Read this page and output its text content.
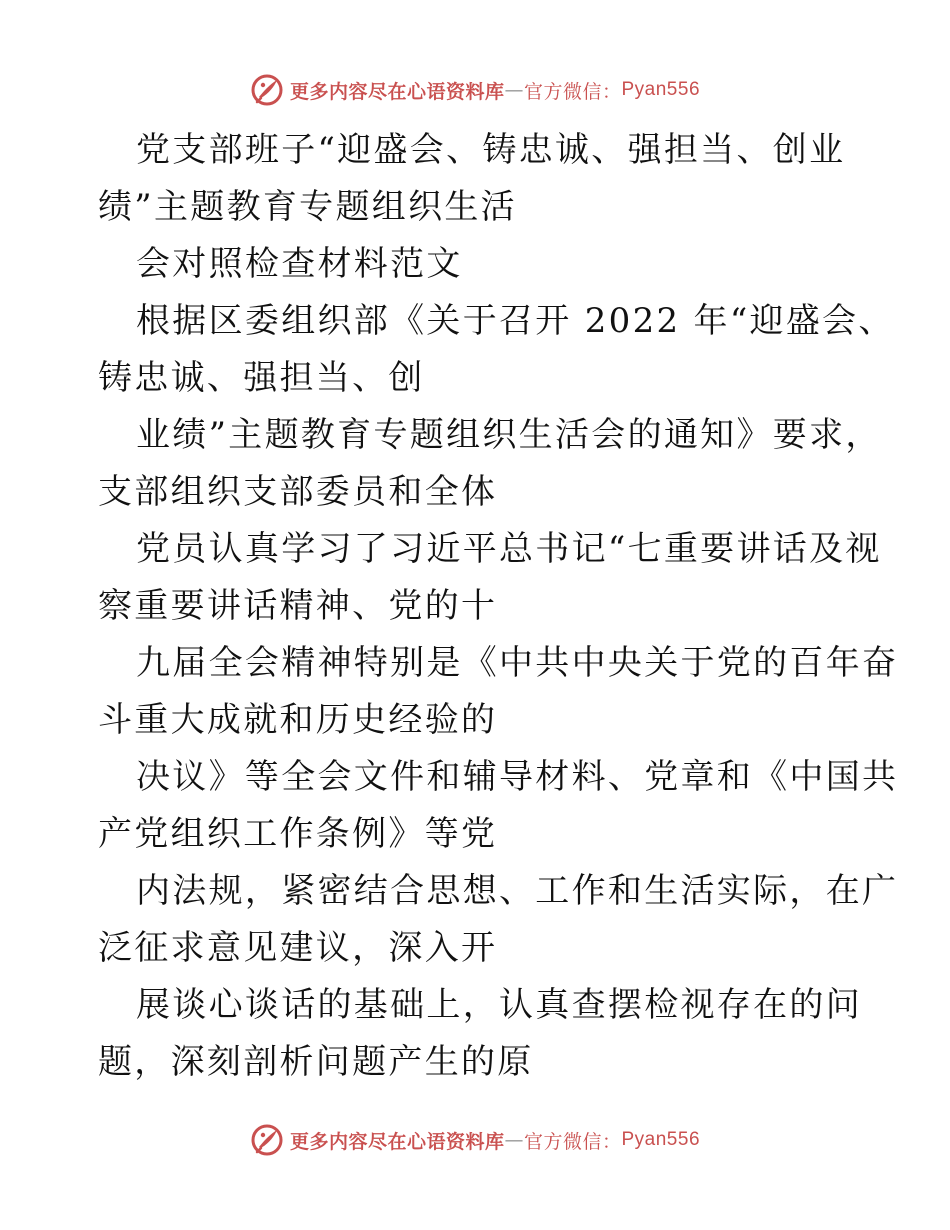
更多内容尽在心语资料库 — 官方微信： Pyan556
党支部班子“迎盛会、铸忠诚、强担当、创业
绩”主题教育专题组织生活
会对照检查材料范文
根据区委组织部《关于召开 2022 年“迎盛会、
铸忠诚、强担当、创
业绩”主题教育专题组织生活会的通知》要求，
支部组织支部委员和全体
党员认真学习了习近平总书记“七重要讲话及视
察重要讲话精神、党的十
九届全会精神特别是《中共中央关于党的百年奋
斗重大成就和历史经验的
决议》等全会文件和辅导材料、党章和《中国共
产党组织工作条例》等党
内法规，紧密结合思想、工作和生活实际，在广
泛征求意见建议，深入开
展谈心谈话的基础上，认真查摆检视存在的问
题，深刻剖析问题产生的原
更多内容尽在心语资料库 — 官方微信： Pyan556
